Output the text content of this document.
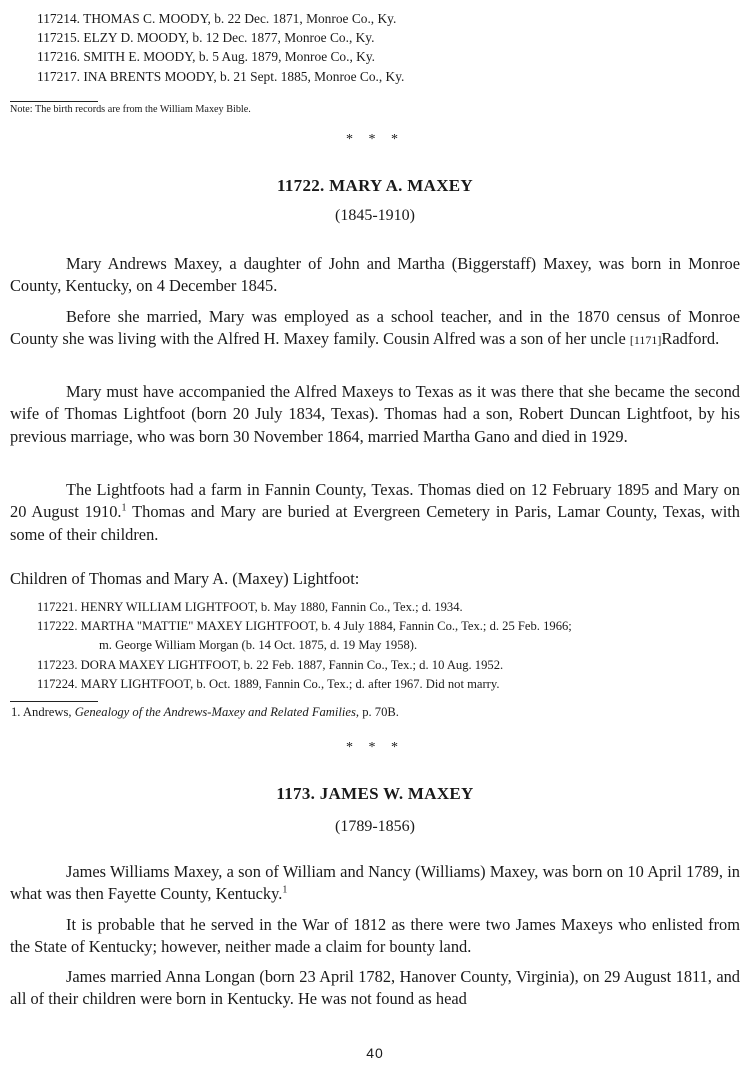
117214. THOMAS C. MOODY, b. 22 Dec. 1871, Monroe Co., Ky.
117215. ELZY D. MOODY, b. 12 Dec. 1877, Monroe Co., Ky.
117216. SMITH E. MOODY, b. 5 Aug. 1879, Monroe Co., Ky.
117217. INA BRENTS MOODY, b. 21 Sept. 1885, Monroe Co., Ky.
Note: The birth records are from the William Maxey Bible.
* * *
11722. MARY A. MAXEY
(1845-1910)

Mary Andrews Maxey, a daughter of John and Martha (Biggerstaff) Maxey, was born in Monroe County, Kentucky, on 4 December 1845.

Before she married, Mary was employed as a school teacher, and in the 1870 census of Monroe County she was living with the Alfred H. Maxey family. Cousin Alfred was a son of her uncle [1171]Radford.

Mary must have accompanied the Alfred Maxeys to Texas as it was there that she became the second wife of Thomas Lightfoot (born 20 July 1834, Texas). Thomas had a son, Robert Duncan Lightfoot, by his previous marriage, who was born 30 November 1864, married Martha Gano and died in 1929.

The Lightfoots had a farm in Fannin County, Texas. Thomas died on 12 February 1895 and Mary on 20 August 1910.$^1$ Thomas and Mary are buried at Evergreen Cemetery in Paris, Lamar County, Texas, with some of their children.

Children of Thomas and Mary A. (Maxey) Lightfoot:
117221. HENRY WILLIAM LIGHTFOOT, b. May 1880, Fannin Co., Tex.; d. 1934.
117222. MARTHA "MATTIE" MAXEY LIGHTFOOT, b. 4 July 1884, Fannin Co., Tex.; d. 25 Feb. 1966;
m. George William Morgan (b. 14 Oct. 1875, d. 19 May 1958).
117223. DORA MAXEY LIGHTFOOT, b. 22 Feb. 1887, Fannin Co., Tex.; d. 10 Aug. 1952.
117224. MARY LIGHTFOOT, b. Oct. 1889, Fannin Co., Tex.; d. after 1967. Did not marry.
1. Andrews, Genealogy of the Andrews-Maxey and Related Families, p. 70B.
* * *
1173. JAMES W. MAXEY
(1789-1856)

James Williams Maxey, a son of William and Nancy (Williams) Maxey, was born on 10 April 1789, in what was then Fayette County, Kentucky.$^1$

It is probable that he served in the War of 1812 as there were two James Maxeys who enlisted from the State of Kentucky; however, neither made a claim for bounty land.

James married Anna Longan (born 23 April 1782, Hanover County, Virginia), on 29 August 1811, and all of their children were born in Kentucky. He was not found as head

40
